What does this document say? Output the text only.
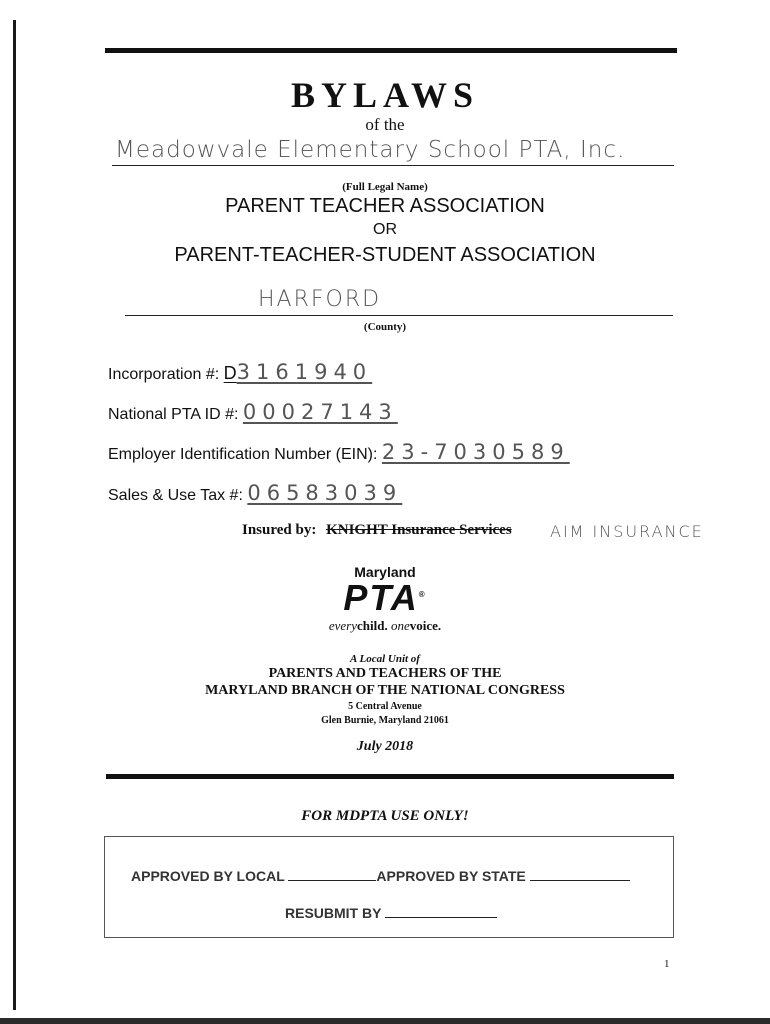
BYLAWS
of the
Meadowvale Elementary School PTA, Inc.
(Full Legal Name)
PARENT TEACHER ASSOCIATION
OR
PARENT-TEACHER-STUDENT ASSOCIATION
HARFORD
(County)
Incorporation #: D3161940
National PTA ID #: 00027143
Employer Identification Number (EIN): 23-7030589
Sales & Use Tax #: 06583039
Insured by: KNIGHT Insurance Services AIM INSURANCE
Maryland
PTA®
everychild. onevoice.
A Local Unit of
PARENTS AND TEACHERS OF THE
MARYLAND BRANCH OF THE NATIONAL CONGRESS
5 Central Avenue
Glen Burnie, Maryland 21061
July 2018
FOR MDPTA USE ONLY!
APPROVED BY LOCAL	APPROVED BY STATE
RESUBMIT BY
1
